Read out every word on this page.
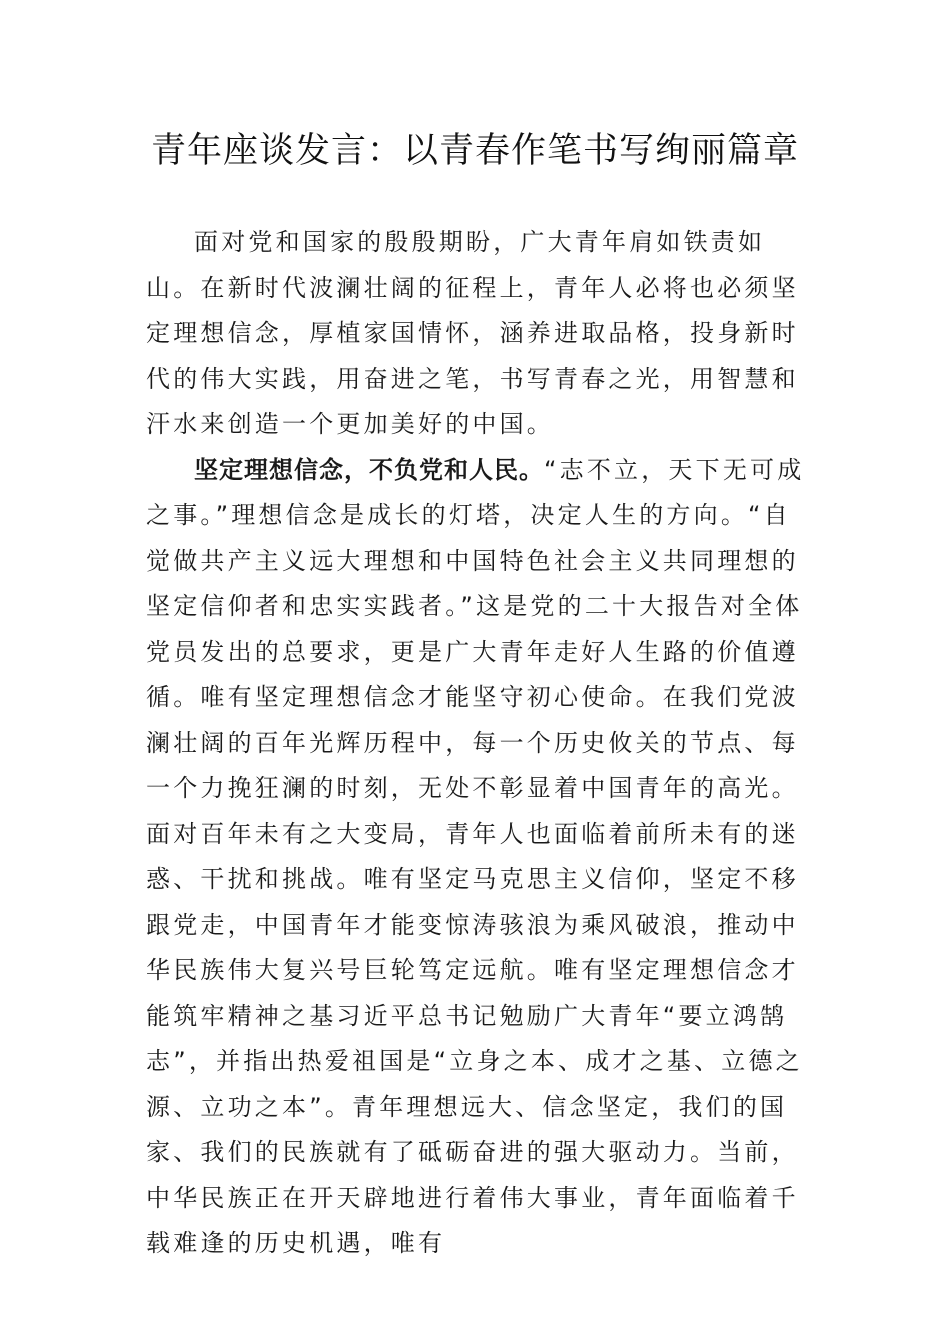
青年座谈发言：以青春作笔书写绚丽篇章

面对党和国家的殷殷期盼，广大青年肩如铁责如山。在新时代波澜壮阔的征程上，青年人必将也必须坚定理想信念，厚植家国情怀，涵养进取品格，投身新时代的伟大实践，用奋进之笔，书写青春之光，用智慧和汗水来创造一个更加美好的中国。

坚定理想信念，不负党和人民。“志不立，天下无可成之事。”理想信念是成长的灯塔，决定人生的方向。“自觉做共产主义远大理想和中国特色社会主义共同理想的坚定信仰者和忠实实践者。”这是党的二十大报告对全体党员发出的总要求，更是广大青年走好人生路的价值遵循。唯有坚定理想信念才能坚守初心使命。在我们党波澜壮阔的百年光辉历程中，每一个历史攸关的节点、每一个力挽狂澜的时刻，无处不彰显着中国青年的高光。面对百年未有之大变局，青年人也面临着前所未有的迷惑、干扰和挑战。唯有坚定马克思主义信仰，坚定不移跟党走，中国青年才能变惊涛骇浪为乘风破浪，推动中华民族伟大复兴号巨轮笃定远航。唯有坚定理想信念才能筑牢精神之基习近平总书记勉励广大青年“要立鸿鹄志”，并指出热爱祖国是“立身之本、成才之基、立德之源、立功之本”。青年理想远大、信念坚定，我们的国家、我们的民族就有了砥砺奋进的强大驱动力。当前，中华民族正在开天辟地进行着伟大事业，青年面临着千载难逢的历史机遇，唯有
